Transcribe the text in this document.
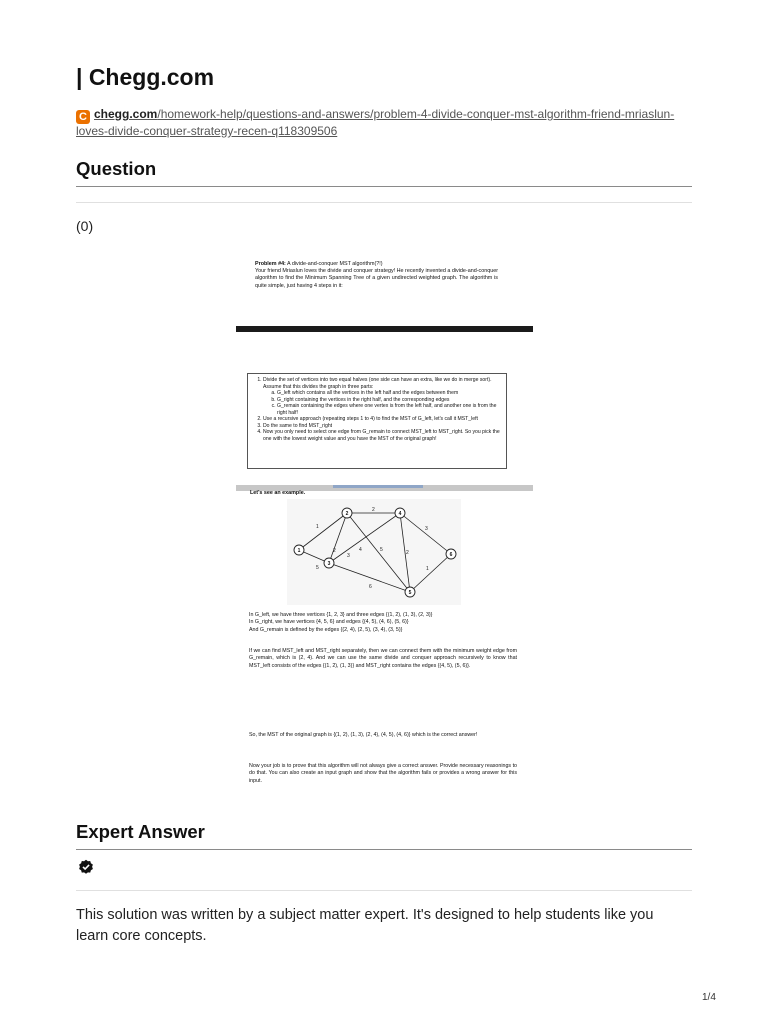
| Chegg.com
C chegg.com/homework-help/questions-and-answers/problem-4-divide-conquer-mst-algorithm-friend-mriaslun-loves-divide-conquer-strategy-recen-q118309506
Question
(0)
Problem #4: A divide-and-conquer MST algorithm(?!)
Your friend Mriaslun loves the divide and conquer strategy! He recently invented a divide-and-conquer algorithm to find the Minimum Spanning Tree of a given undirected weighted graph. The algorithm is quite simple, just having 4 steps in it:
1. Divide the set of vertices into two equal halves (one side can have an extra, like we do in merge sort). Assume that this divides the graph in three parts:
a. G_left which contains all the vertices in the left half and the edges between them
b. G_right containing the vertices in the right half, and the corresponding edges
c. G_remain containing the edges where one vertex is from the left half, and another one is from the right half!
2. Use a recursive approach (repeating steps 1 to 4) to find the MST of G_left, let's call it MST_left
3. Do the same to find MST_right
4. Now you only need to select one edge from G_remain to connect MST_left to MST_right. So you pick the one with the lowest weight value and you have the MST of the original graph!
Let's see an example.
1
2
5
2
4
3
5	2
6
3
1
1
2
3
4
5
6
In G_left, we have three vertices {1, 2, 3} and three edges {(1, 2), (1, 3), (2, 3)}
In G_right, we have vertices {4, 5, 6} and edges {(4, 5), (4, 6), (5, 6)}
And G_remain is defined by the edges {(2, 4), (2, 5), (3, 4), (3, 5)}
If we can find MST_left and MST_right separately, then we can connect them with the minimum weight edge from G_remain, which is (2, 4). And we can use the same divide and conquer approach recursively to know that MST_left consists of the edges {(1, 2), (1, 3)} and MST_right contains the edges {(4, 5), (5, 6)}.
So, the MST of the original graph is {(1, 2), (1, 3), (2, 4), (4, 5), (4, 6)} which is the correct answer!
Now your job is to prove that this algorithm will not always give a correct answer. Provide necessary reasonings to do that. You can also create an input graph and show that the algorithm fails or provides a wrong answer for this input.
Expert Answer
This solution was written by a subject matter expert. It's designed to help students like you learn core concepts.
1/4
